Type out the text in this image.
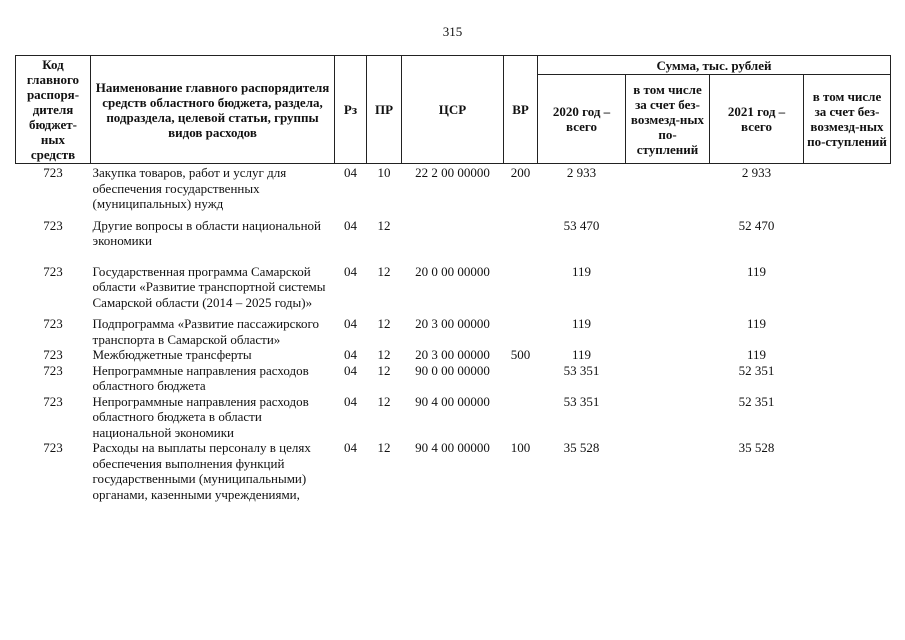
315
Код главного распоря-дителя бюджет-ных средств	Наименование главного распорядителя средств областного бюджета, раздела, подраздела, целевой статьи, группы видов расходов	Рз	ПР	ЦСР	ВР	Сумма, тыс. рублей			
						2020 год – всего	в том числе за счет без-возмезд-ных по-ступлений	2021 год – всего	в том числе за счет без-возмезд-ных по-ступлений
723	Закупка товаров, работ и услуг для обеспечения государственных (муниципальных) нужд	04	10	22 2 00 00000	200	2 933		2 933	
723	Другие вопросы в области национальной экономики	04	12			53 470		52 470	
723	Государственная программа Самарской области «Развитие транспортной системы Самарской области (2014 – 2025 годы)»	04	12	20 0 00 00000		119		119	
723	Подпрограмма «Развитие пассажирского транспорта в Самарской области»	04	12	20 3 00 00000		119		119	
723	Межбюджетные трансферты	04	12	20 3 00 00000	500	119		119	
723	Непрограммные направления расходов областного бюджета	04	12	90 0 00 00000		53 351		52 351	
723	Непрограммные направления расходов областного бюджета в области национальной экономики	04	12	90 4 00 00000		53 351		52 351	
723	Расходы на выплаты персоналу в целях обеспечения выполнения функций государственными (муниципальными) органами, казенными учреждениями,	04	12	90 4 00 00000	100	35 528		35 528	
